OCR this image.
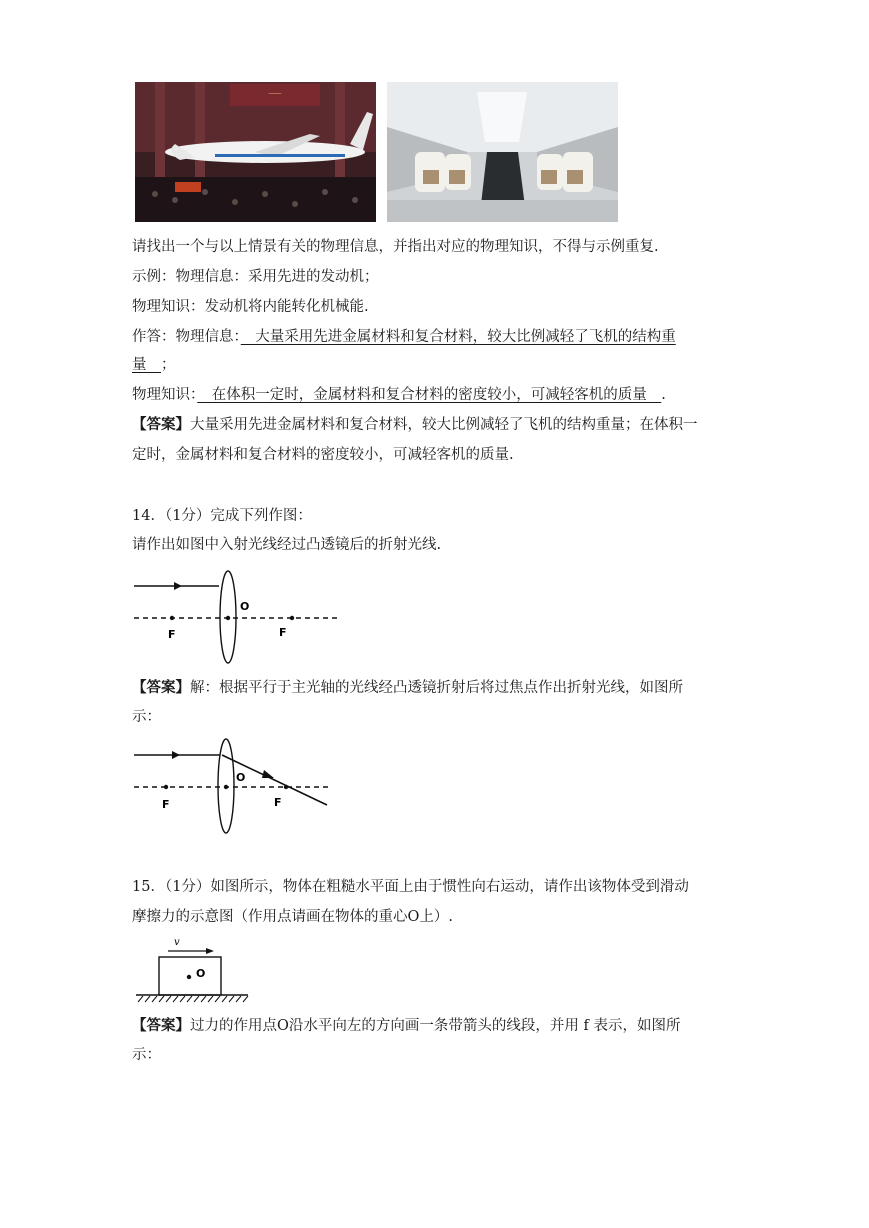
⸺
请找出一个与以上情景有关的物理信息，并指出对应的物理知识，不得与示例重复.
示例：物理信息：采用先进的发动机；
物理知识：发动机将内能转化机械能.
作答：物理信息：　大量采用先进金属材料和复合材料，较大比例减轻了飞机的结构重
量　；
物理知识：　在体积一定时，金属材料和复合材料的密度较小，可减轻客机的质量　.
【答案】大量采用先进金属材料和复合材料，较大比例减轻了飞机的结构重量；在体积一
定时，金属材料和复合材料的密度较小，可减轻客机的质量.
14．（1分）完成下列作图：
请作出如图中入射光线经过凸透镜后的折射光线.
O
F	F
【答案】解：根据平行于主光轴的光线经凸透镜折射后将过焦点作出折射光线，如图所
示：
O
F	F
15．（1分）如图所示，物体在粗糙水平面上由于惯性向右运动，请作出该物体受到滑动
摩擦力的示意图（作用点请画在物体的重心O上）.
v
O
【答案】过力的作用点O沿水平向左的方向画一条带箭头的线段，并用 f 表示，如图所
示：
